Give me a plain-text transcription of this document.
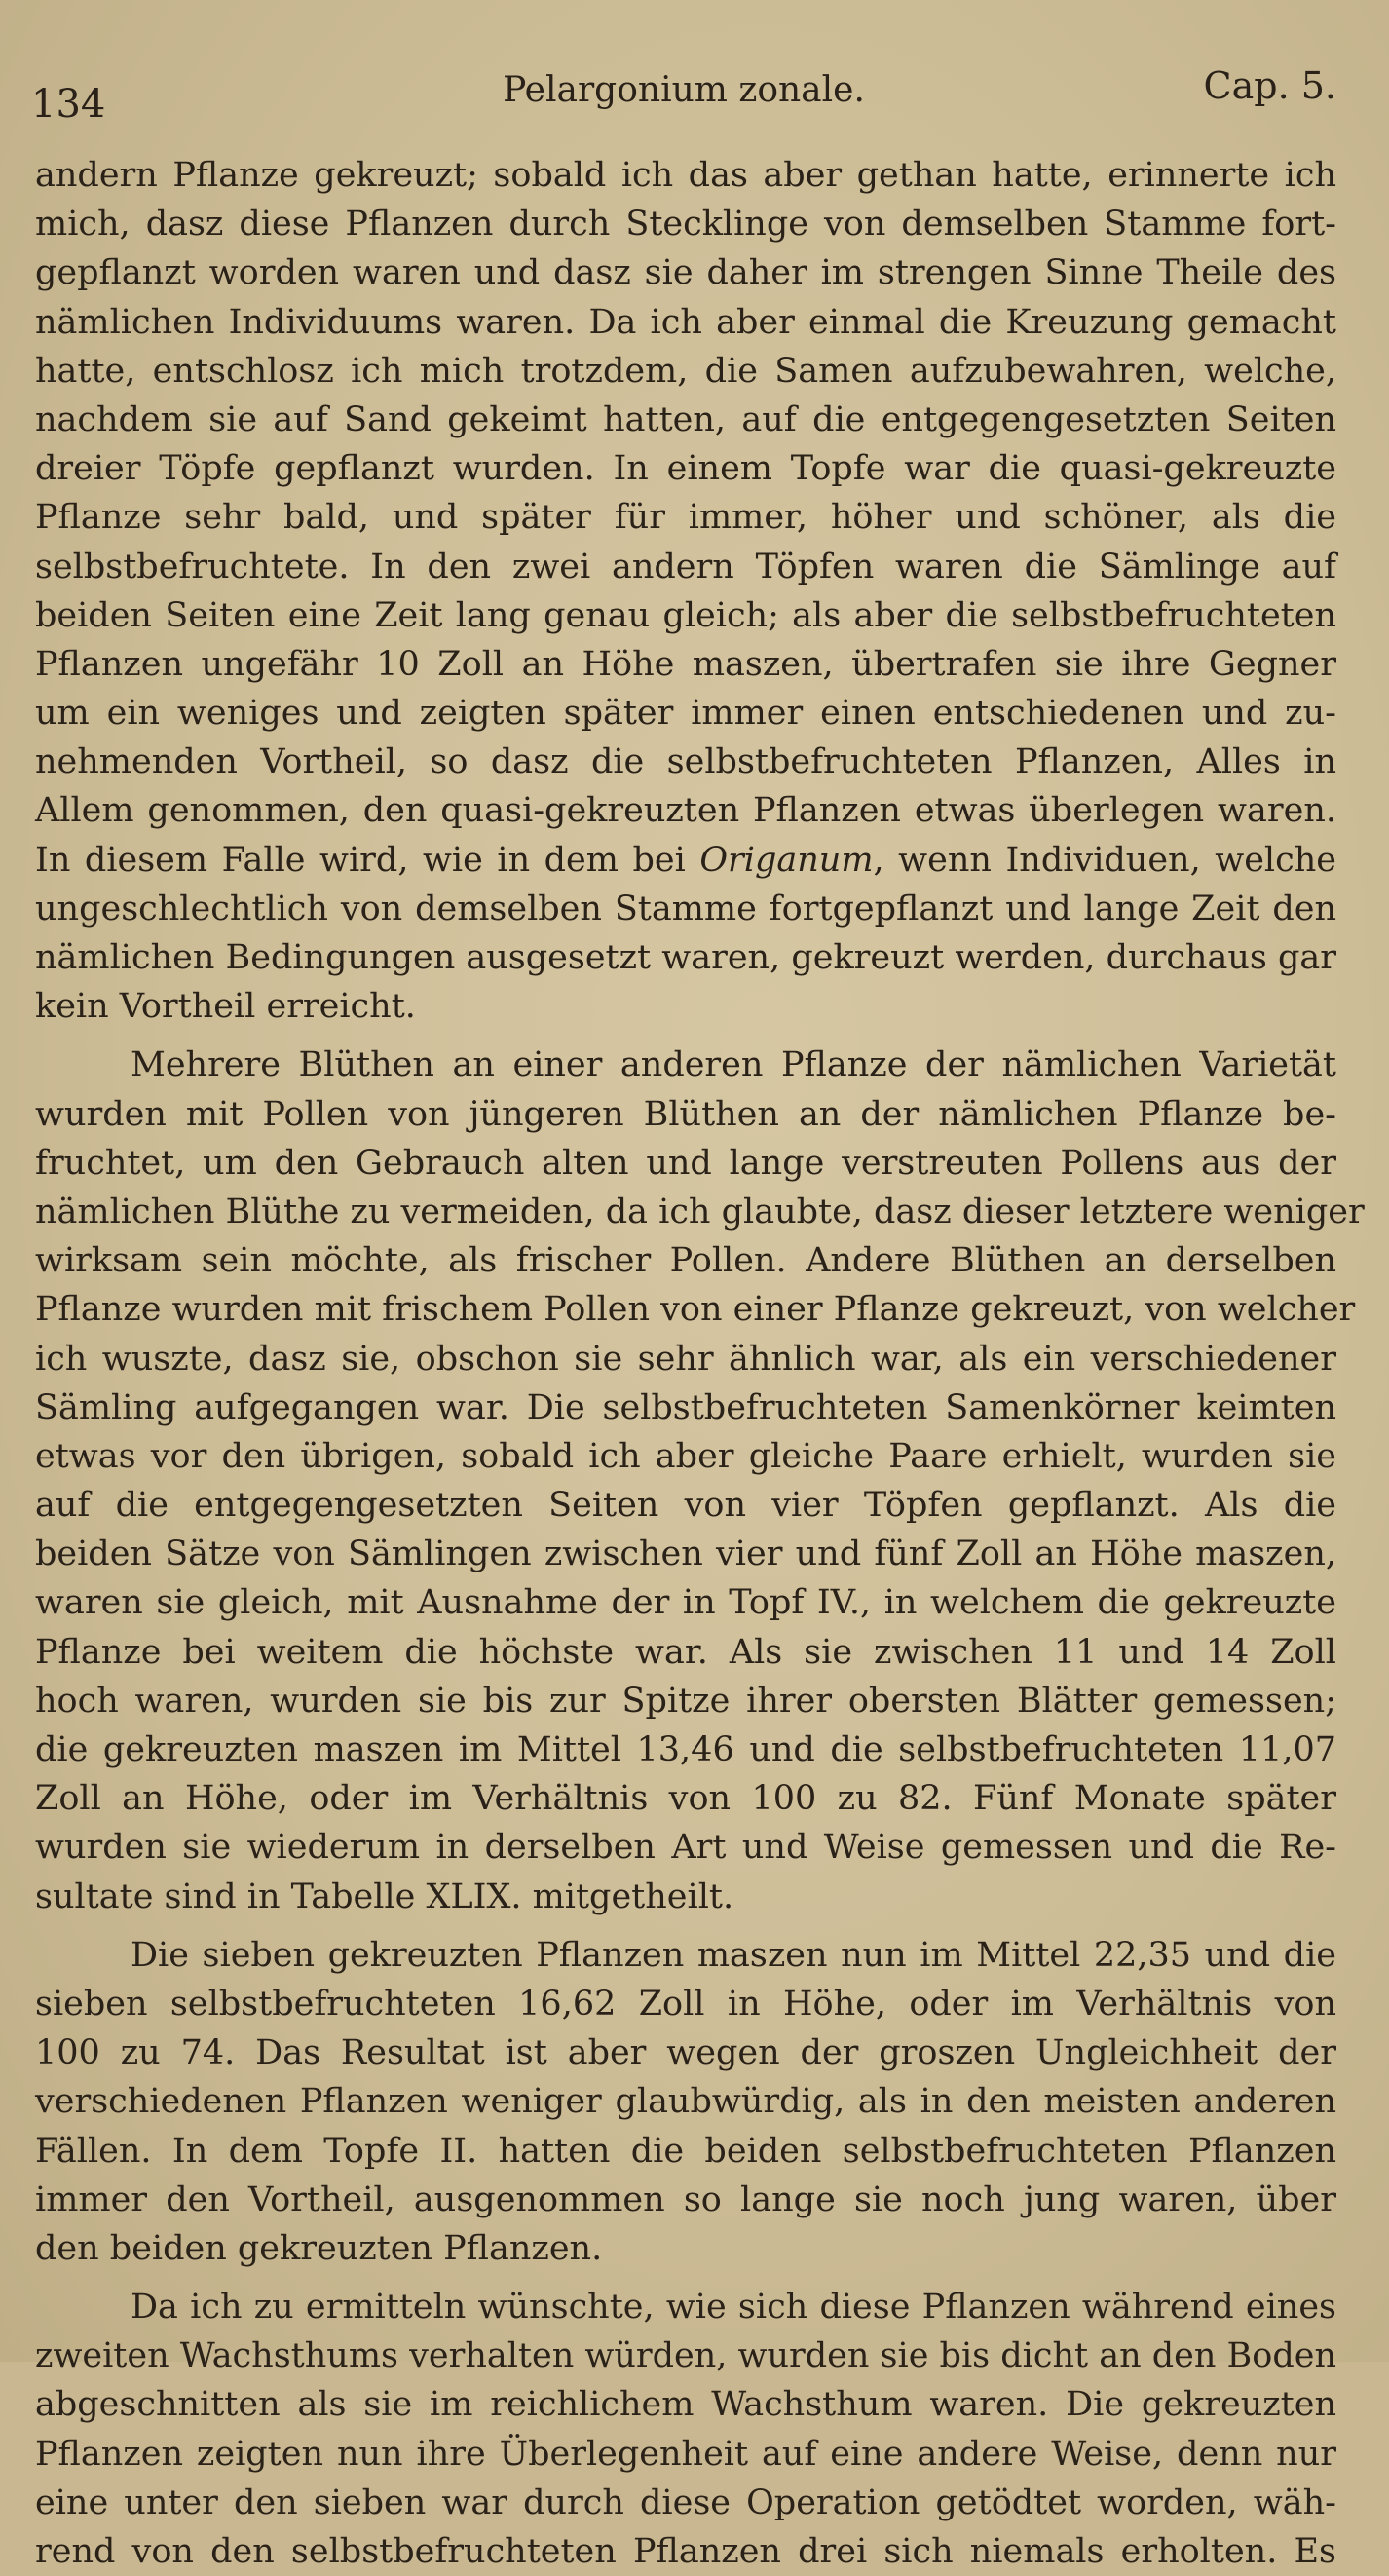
134	Pelargonium zonale.	Cap. 5.
andern Pflanze gekreuzt; sobald ich das aber gethan hatte, erinnerte ich
mich, dasz diese Pflanzen durch Stecklinge von demselben Stamme fort-
gepflanzt worden waren und dasz sie daher im strengen Sinne Theile des
nämlichen Individuums waren. Da ich aber einmal die Kreuzung gemacht
hatte, entschlosz ich mich trotzdem, die Samen aufzubewahren, welche,
nachdem sie auf Sand gekeimt hatten, auf die entgegengesetzten Seiten
dreier Töpfe gepflanzt wurden. In einem Topfe war die quasi-gekreuzte
Pflanze sehr bald, und später für immer, höher und schöner, als die
selbstbefruchtete. In den zwei andern Töpfen waren die Sämlinge auf
beiden Seiten eine Zeit lang genau gleich; als aber die selbstbefruchteten
Pflanzen ungefähr 10 Zoll an Höhe maszen, übertrafen sie ihre Gegner
um ein weniges und zeigten später immer einen entschiedenen und zu-
nehmenden Vortheil, so dasz die selbstbefruchteten Pflanzen, Alles in
Allem genommen, den quasi-gekreuzten Pflanzen etwas überlegen waren.
In diesem Falle wird, wie in dem bei Origanum, wenn Individuen, welche
ungeschlechtlich von demselben Stamme fortgepflanzt und lange Zeit den
nämlichen Bedingungen ausgesetzt waren, gekreuzt werden, durchaus gar
kein Vortheil erreicht.
Mehrere Blüthen an einer anderen Pflanze der nämlichen Varietät
wurden mit Pollen von jüngeren Blüthen an der nämlichen Pflanze be-
fruchtet, um den Gebrauch alten und lange verstreuten Pollens aus der
nämlichen Blüthe zu vermeiden, da ich glaubte, dasz dieser letztere weniger
wirksam sein möchte, als frischer Pollen. Andere Blüthen an derselben
Pflanze wurden mit frischem Pollen von einer Pflanze gekreuzt, von welcher
ich wuszte, dasz sie, obschon sie sehr ähnlich war, als ein verschiedener
Sämling aufgegangen war. Die selbstbefruchteten Samenkörner keimten
etwas vor den übrigen, sobald ich aber gleiche Paare erhielt, wurden sie
auf die entgegengesetzten Seiten von vier Töpfen gepflanzt. Als die
beiden Sätze von Sämlingen zwischen vier und fünf Zoll an Höhe maszen,
waren sie gleich, mit Ausnahme der in Topf IV., in welchem die gekreuzte
Pflanze bei weitem die höchste war. Als sie zwischen 11 und 14 Zoll
hoch waren, wurden sie bis zur Spitze ihrer obersten Blätter gemessen;
die gekreuzten maszen im Mittel 13,46 und die selbstbefruchteten 11,07
Zoll an Höhe, oder im Verhältnis von 100 zu 82. Fünf Monate später
wurden sie wiederum in derselben Art und Weise gemessen und die Re-
sultate sind in Tabelle XLIX. mitgetheilt.
Die sieben gekreuzten Pflanzen maszen nun im Mittel 22,35 und die
sieben selbstbefruchteten 16,62 Zoll in Höhe, oder im Verhältnis von
100 zu 74. Das Resultat ist aber wegen der groszen Ungleichheit der
verschiedenen Pflanzen weniger glaubwürdig, als in den meisten anderen
Fällen. In dem Topfe II. hatten die beiden selbstbefruchteten Pflanzen
immer den Vortheil, ausgenommen so lange sie noch jung waren, über
den beiden gekreuzten Pflanzen.
Da ich zu ermitteln wünschte, wie sich diese Pflanzen während eines
zweiten Wachsthums verhalten würden, wurden sie bis dicht an den Boden
abgeschnitten als sie im reichlichem Wachsthum waren. Die gekreuzten
Pflanzen zeigten nun ihre Überlegenheit auf eine andere Weise, denn nur
eine unter den sieben war durch diese Operation getödtet worden, wäh-
rend von den selbstbefruchteten Pflanzen drei sich niemals erholten. Es
